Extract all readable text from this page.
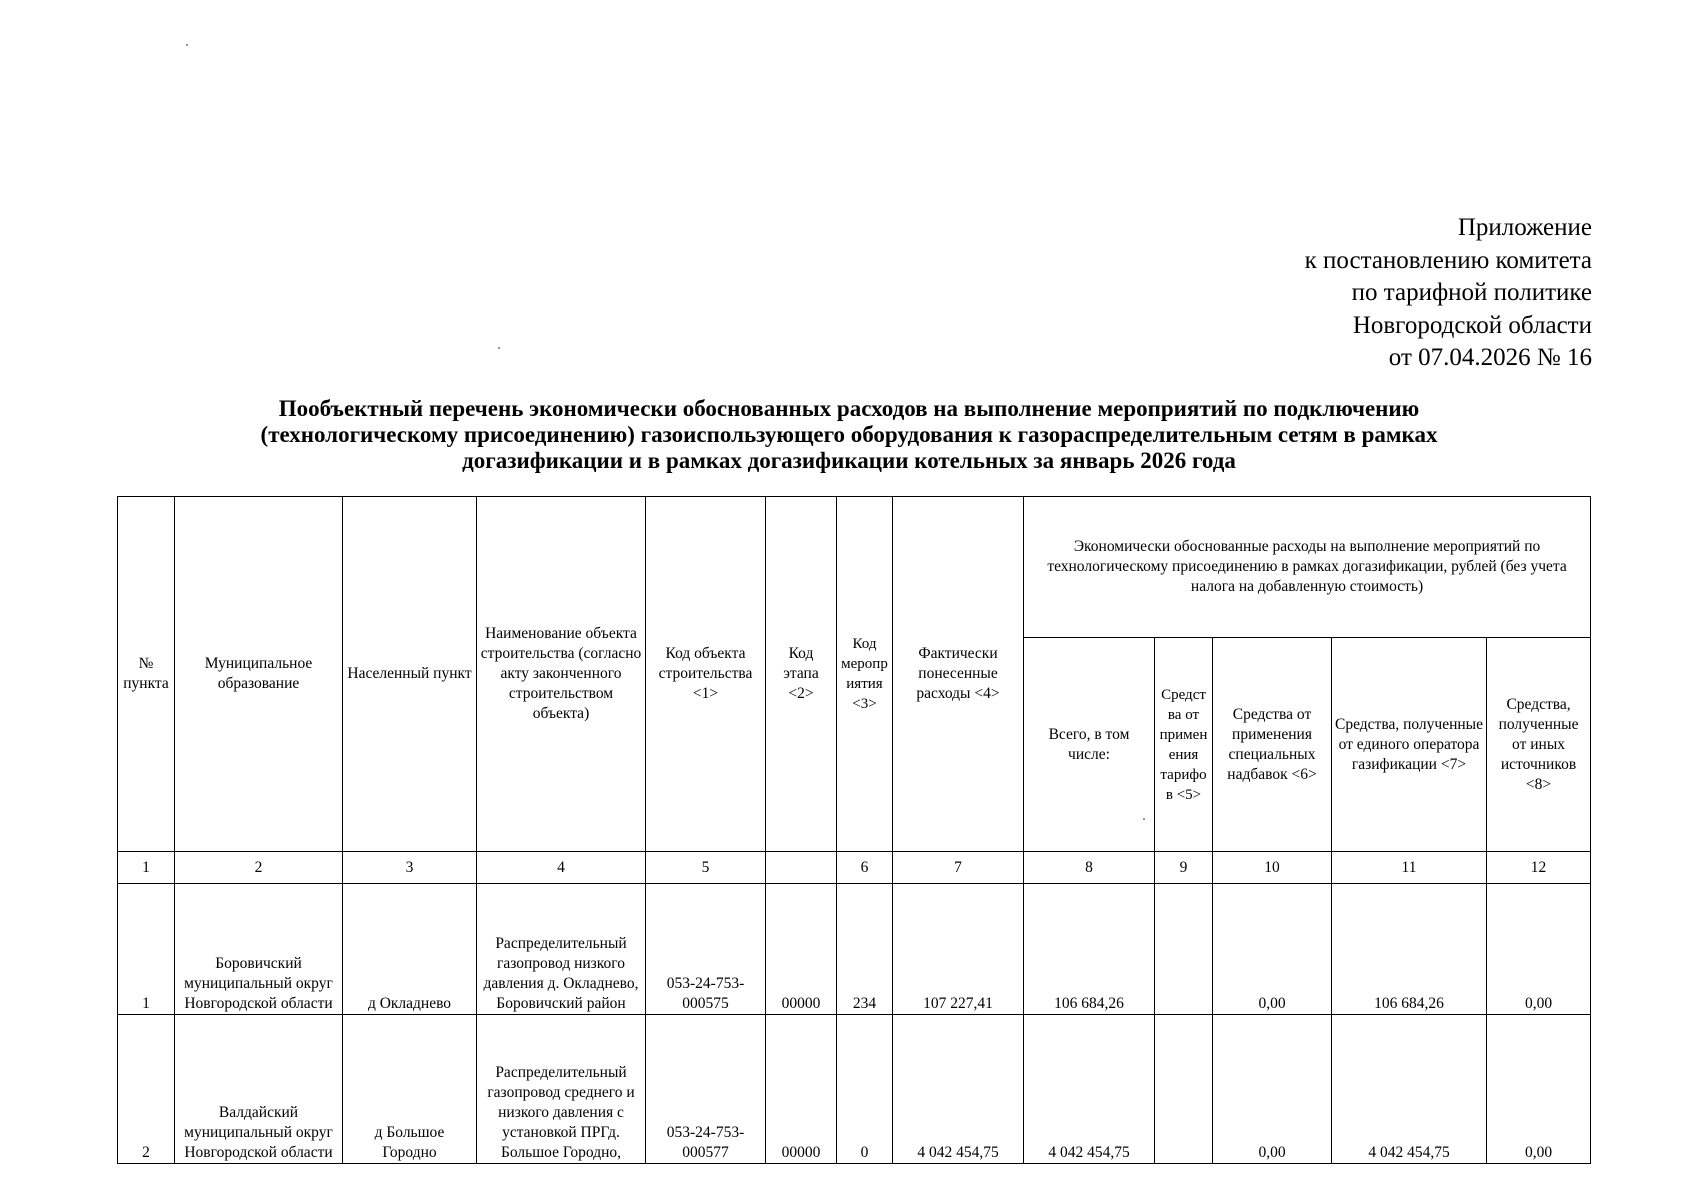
Приложение
к постановлению комитета
по тарифной политике
Новгородской области
от 07.04.2026 № 16
Пообъектный перечень экономически обоснованных расходов на выполнение мероприятий по подключению
(технологическому присоединению) газоиспользующего оборудования к газораспределительным сетям в рамках
догазификации и в рамках догазификации котельных за январь 2026 года
№ пункта	Муниципальное образование	Населенный пункт	Наименование объекта строительства (согласно акту законченного строительством объекта)	Код объекта строительства <1>	Код этапа <2>	Код мероприятия <3>	Фактически понесенные расходы <4>	Экономически обоснованные расходы на выполнение мероприятий по технологическому присоединению в рамках догазификации, рублей (без учета налога на добавленную стоимость)				
								Всего, в том числе:	Средства от применения тарифов <5>	Средства от применения специальных надбавок <6>	Средства, полученные от единого оператора газификации <7>	Средства, полученные от иных источников <8>
1	2	3	4	5		6	7	8	9	10	11	12
1	Боровичский муниципальный округ Новгородской области	д Окладнево	Распределительный газопровод низкого давления д. Окладнево, Боровичский район	053-24-753-000575	00000	234	107 227,41	106 684,26		0,00	106 684,26	0,00
2	Валдайский муниципальный округ Новгородской области	д Большое Городно	Распределительный газопровод среднего и низкого давления с установкой ПРГд. Большое Городно,	053-24-753-000577	00000	0	4 042 454,75	4 042 454,75		0,00	4 042 454,75	0,00
